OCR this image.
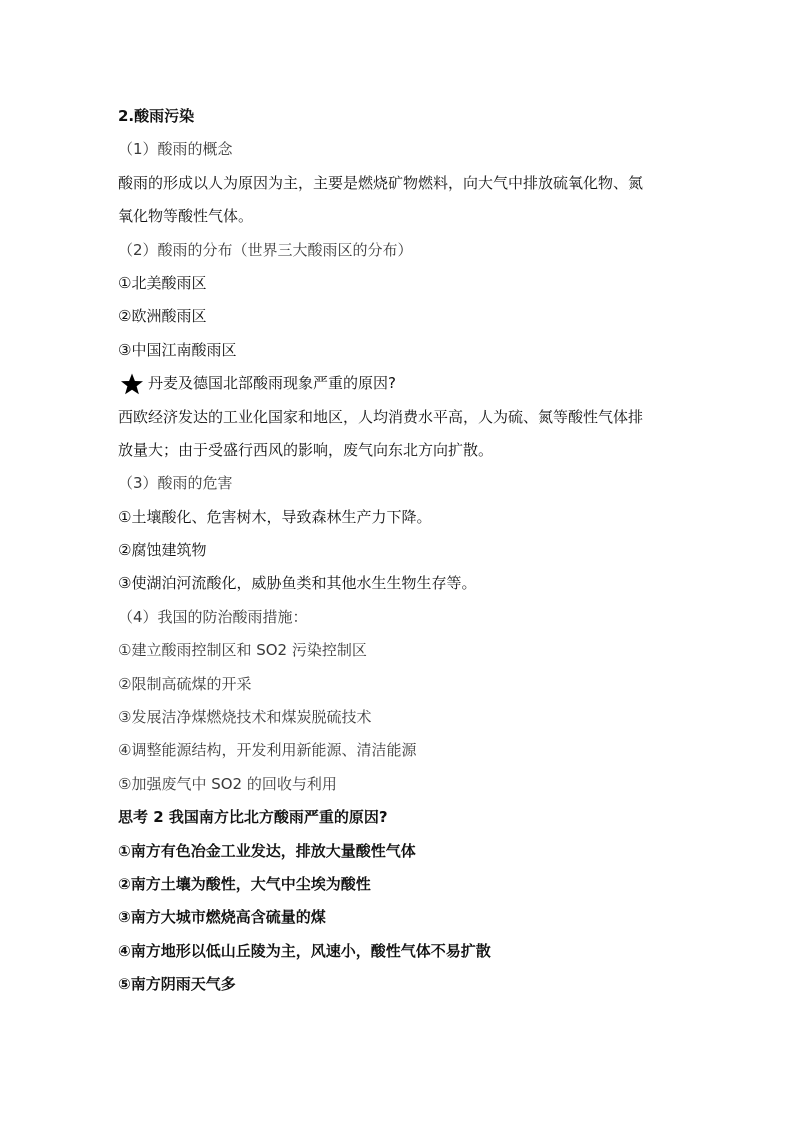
2.酸雨污染

（1）酸雨的概念

酸雨的形成以人为原因为主，主要是燃烧矿物燃料，向大气中排放硫氧化物、氮

氧化物等酸性气体。

（2）酸雨的分布（世界三大酸雨区的分布）

①北美酸雨区

②欧洲酸雨区

③中国江南酸雨区

丹麦及德国北部酸雨现象严重的原因?

西欧经济发达的工业化国家和地区，人均消费水平高，人为硫、氮等酸性气体排

放量大；由于受盛行西风的影响，废气向东北方向扩散。

（3）酸雨的危害

①土壤酸化、危害树木，导致森林生产力下降。

②腐蚀建筑物

③使湖泊河流酸化，威胁鱼类和其他水生生物生存等。

（4）我国的防治酸雨措施：

①建立酸雨控制区和 SO2 污染控制区

②限制高硫煤的开采

③发展洁净煤燃烧技术和煤炭脱硫技术

④调整能源结构，开发利用新能源、清洁能源

⑤加强废气中 SO2 的回收与利用

思考 2 我国南方比北方酸雨严重的原因?

①南方有色冶金工业发达，排放大量酸性气体

②南方土壤为酸性，大气中尘埃为酸性

③南方大城市燃烧高含硫量的煤

④南方地形以低山丘陵为主，风速小，酸性气体不易扩散

⑤南方阴雨天气多
